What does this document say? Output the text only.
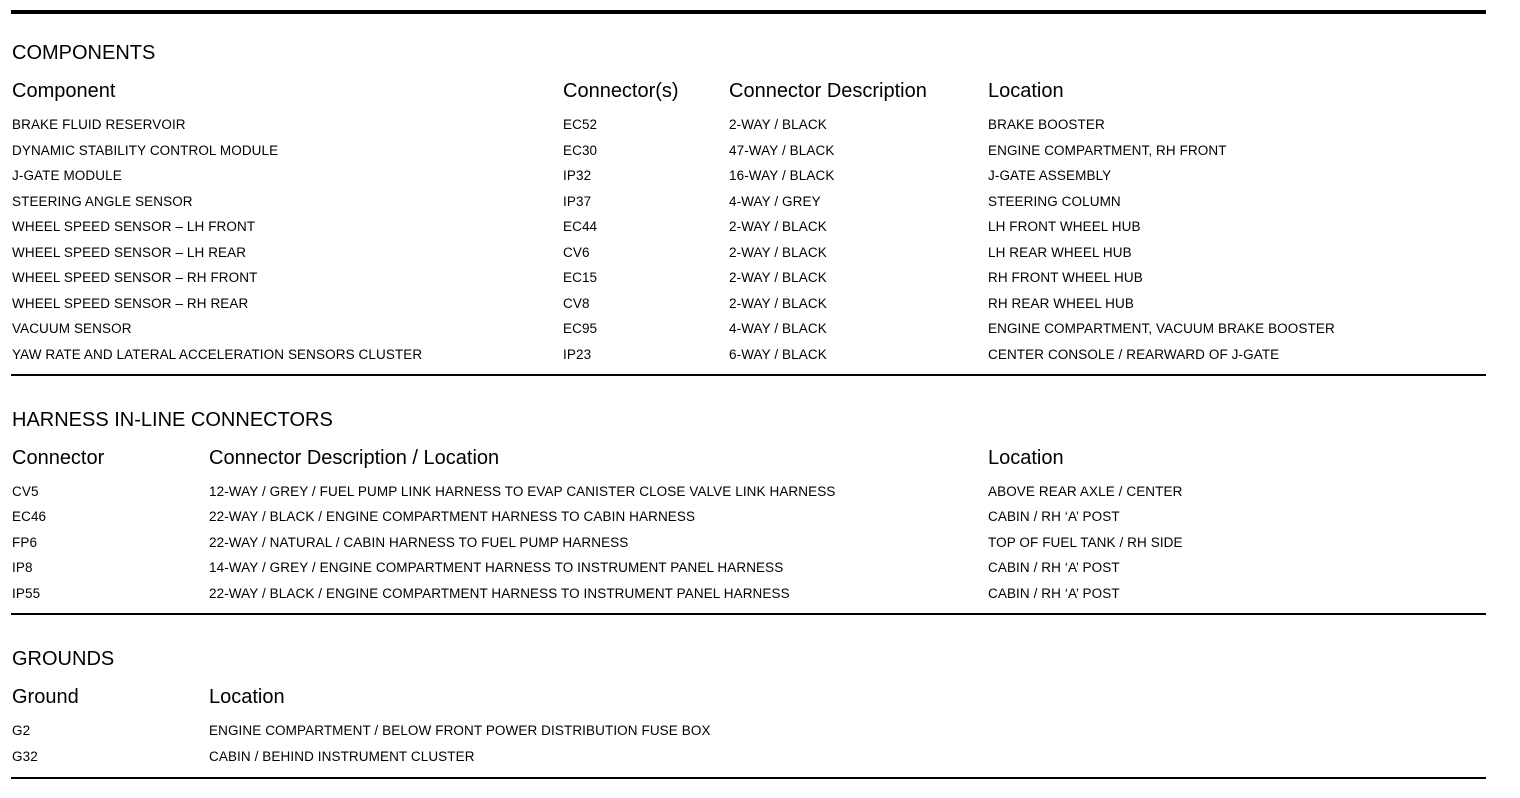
COMPONENTS
Component	Connector(s)	Connector Description	Location
BRAKE FLUID RESERVOIR	EC52	2-WAY / BLACK	BRAKE BOOSTER
DYNAMIC STABILITY CONTROL MODULE	EC30	47-WAY / BLACK	ENGINE COMPARTMENT, RH FRONT
J-GATE MODULE	IP32	16-WAY / BLACK	J-GATE ASSEMBLY
STEERING ANGLE SENSOR	IP37	4-WAY / GREY	STEERING COLUMN
WHEEL SPEED SENSOR – LH FRONT	EC44	2-WAY / BLACK	LH FRONT WHEEL HUB
WHEEL SPEED SENSOR – LH REAR	CV6	2-WAY / BLACK	LH REAR WHEEL HUB
WHEEL SPEED SENSOR – RH FRONT	EC15	2-WAY / BLACK	RH FRONT WHEEL HUB
WHEEL SPEED SENSOR – RH REAR	CV8	2-WAY / BLACK	RH REAR WHEEL HUB
VACUUM SENSOR	EC95	4-WAY / BLACK	ENGINE COMPARTMENT, VACUUM BRAKE BOOSTER
YAW RATE AND LATERAL ACCELERATION SENSORS CLUSTER	IP23	6-WAY / BLACK	CENTER CONSOLE / REARWARD OF J-GATE
HARNESS IN-LINE CONNECTORS
Connector	Connector Description / Location	Location
CV5	12-WAY / GREY / FUEL PUMP LINK HARNESS TO EVAP CANISTER CLOSE VALVE LINK HARNESS	ABOVE REAR AXLE / CENTER
EC46	22-WAY / BLACK / ENGINE COMPARTMENT HARNESS TO CABIN HARNESS	CABIN / RH ‘A’ POST
FP6	22-WAY / NATURAL / CABIN HARNESS TO FUEL PUMP HARNESS	TOP OF FUEL TANK / RH SIDE
IP8	14-WAY / GREY / ENGINE COMPARTMENT HARNESS TO INSTRUMENT PANEL HARNESS	CABIN / RH ‘A’ POST
IP55	22-WAY / BLACK / ENGINE COMPARTMENT HARNESS TO INSTRUMENT PANEL HARNESS	CABIN / RH ‘A’ POST
GROUNDS
Ground	Location
G2	ENGINE COMPARTMENT / BELOW FRONT POWER DISTRIBUTION FUSE BOX
G32	CABIN / BEHIND INSTRUMENT CLUSTER
